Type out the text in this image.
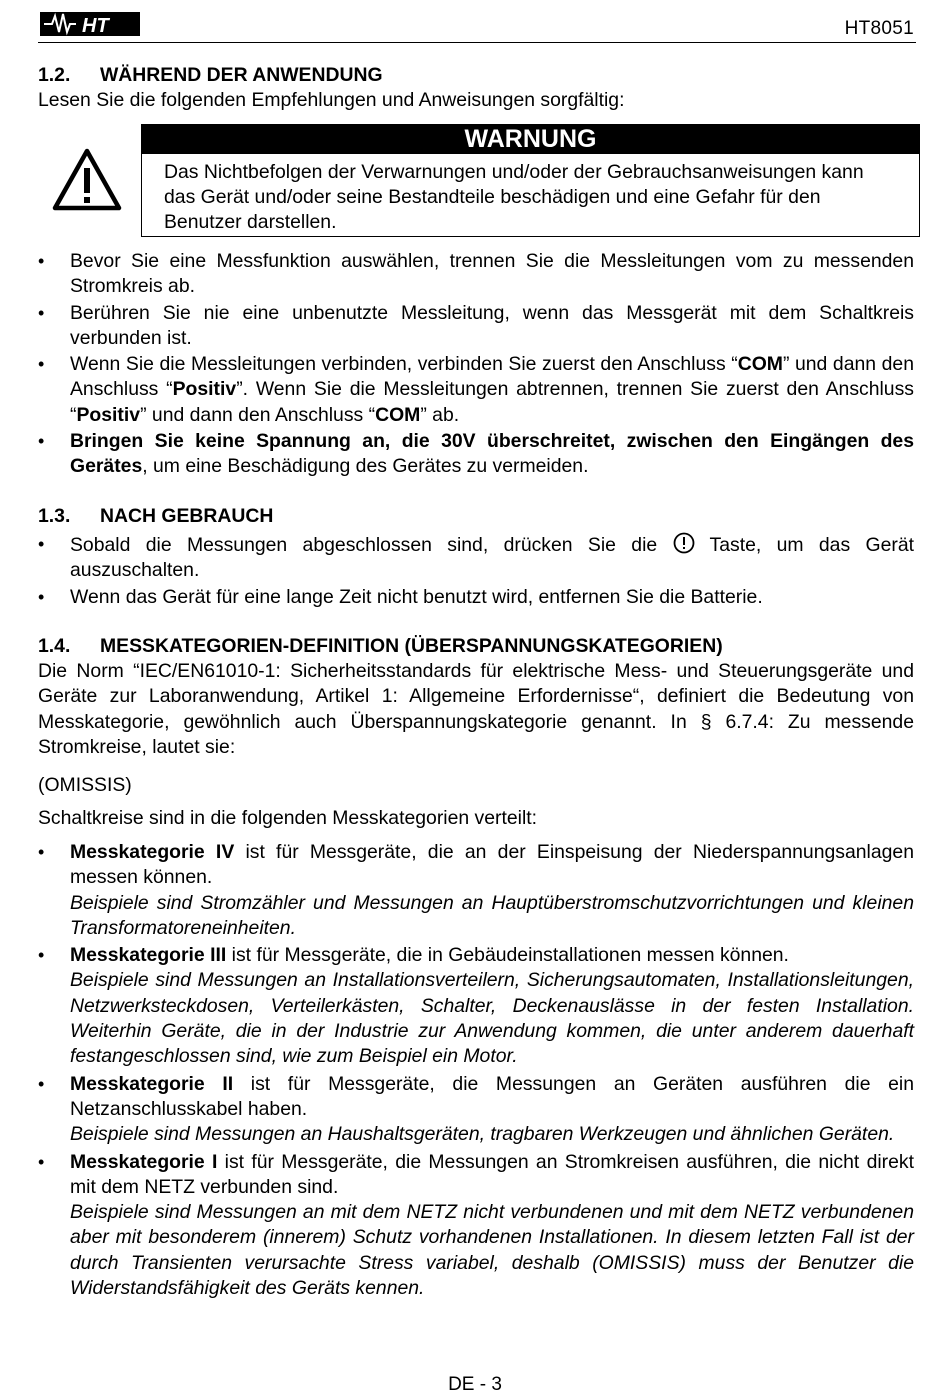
HT	HT8051
1.2. WÄHREND DER ANWENDUNG
Lesen Sie die folgenden Empfehlungen und Anweisungen sorgfältig:
WARNUNG
Das Nichtbefolgen der Verwarnungen und/oder der Gebrauchsanweisungen kann das Gerät und/oder seine Bestandteile beschädigen und eine Gefahr für den Benutzer darstellen.
• Bevor Sie eine Messfunktion auswählen, trennen Sie die Messleitungen vom zu messenden Stromkreis ab.
• Berühren Sie nie eine unbenutzte Messleitung, wenn das Messgerät mit dem Schaltkreis verbunden ist.
• Wenn Sie die Messleitungen verbinden, verbinden Sie zuerst den Anschluss “COM” und dann den Anschluss “Positiv”. Wenn Sie die Messleitungen abtrennen, trennen Sie zuerst den Anschluss “Positiv” und dann den Anschluss “COM” ab.
• Bringen Sie keine Spannung an, die 30V überschreitet, zwischen den Eingängen des Gerätes, um eine Beschädigung des Gerätes zu vermeiden.
1.3. NACH GEBRAUCH
• Sobald die Messungen abgeschlossen sind, drücken Sie die	Taste, um das Gerät auszuschalten.
• Wenn das Gerät für eine lange Zeit nicht benutzt wird, entfernen Sie die Batterie.
1.4. MESSKATEGORIEN-DEFINITION (ÜBERSPANNUNGSKATEGORIEN)
Die Norm “IEC/EN61010-1: Sicherheitsstandards für elektrische Mess- und Steuerungsgeräte und Geräte zur Laboranwendung, Artikel 1: Allgemeine Erfordernisse“, definiert die Bedeutung von Messkategorie, gewöhnlich auch Überspannungskategorie genannt. In § 6.7.4: Zu messende Stromkreise, lautet sie:
(OMISSIS)
Schaltkreise sind in die folgenden Messkategorien verteilt:
• Messkategorie IV ist für Messgeräte, die an der Einspeisung der Niederspannungsanlagen messen können.
Beispiele sind Stromzähler und Messungen an Hauptüberstromschutzvorrichtungen und kleinen Transformatoreneinheiten.
• Messkategorie III ist für Messgeräte, die in Gebäudeinstallationen messen können.
Beispiele sind Messungen an Installationsverteilern, Sicherungsautomaten, Installationsleitungen, Netzwerksteckdosen, Verteilerkästen, Schalter, Deckenauslässe in der festen Installation. Weiterhin Geräte, die in der Industrie zur Anwendung kommen, die unter anderem dauerhaft festangeschlossen sind, wie zum Beispiel ein Motor.
• Messkategorie II ist für Messgeräte, die Messungen an Geräten ausführen die ein Netzanschlusskabel haben.
Beispiele sind Messungen an Haushaltsgeräten, tragbaren Werkzeugen und ähnlichen Geräten.
• Messkategorie I ist für Messgeräte, die Messungen an Stromkreisen ausführen, die nicht direkt mit dem NETZ verbunden sind.
Beispiele sind Messungen an mit dem NETZ nicht verbundenen und mit dem NETZ verbundenen aber mit besonderem (innerem) Schutz vorhandenen Installationen. In diesem letzten Fall ist der durch Transienten verursachte Stress variabel, deshalb (OMISSIS) muss der Benutzer die Widerstandsfähigkeit des Geräts kennen.
DE - 3
